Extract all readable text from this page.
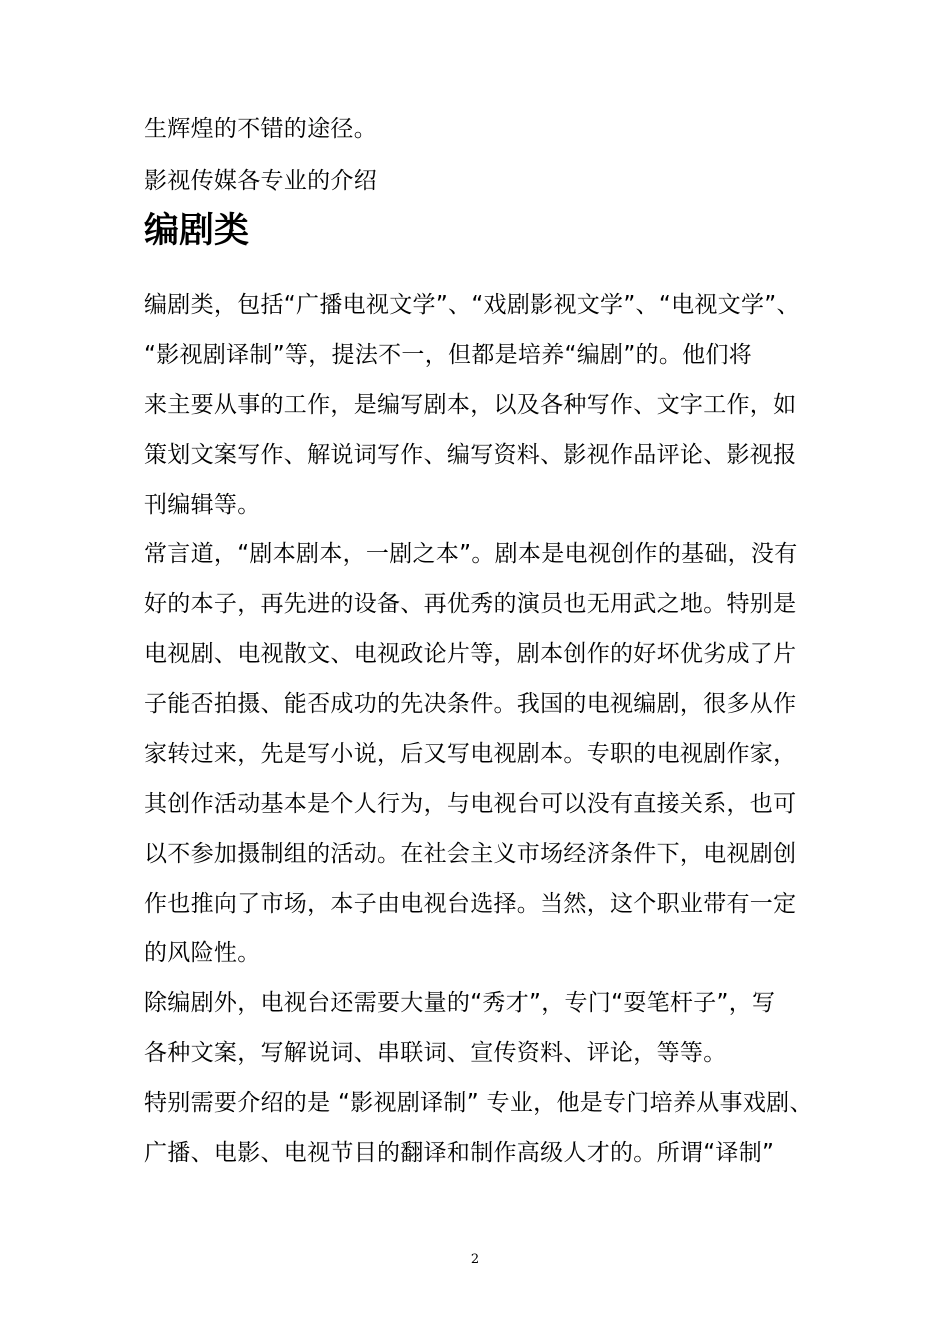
生辉煌的不错的途径。
影视传媒各专业的介绍
编剧类
编剧类，包括“广播电视文学”、“戏剧影视文学”、“电视文学”、
“影视剧译制”等，提法不一，但都是培养“编剧”的。他们将
来主要从事的工作，是编写剧本，以及各种写作、文字工作，如
策划文案写作、解说词写作、编写资料、影视作品评论、影视报
刊编辑等。
常言道，“剧本剧本，一剧之本”。剧本是电视创作的基础，没有
好的本子，再先进的设备、再优秀的演员也无用武之地。特别是
电视剧、电视散文、电视政论片等，剧本创作的好坏优劣成了片
子能否拍摄、能否成功的先决条件。我国的电视编剧，很多从作
家转过来，先是写小说，后又写电视剧本。专职的电视剧作家，
其创作活动基本是个人行为，与电视台可以没有直接关系，也可
以不参加摄制组的活动。在社会主义市场经济条件下，电视剧创
作也推向了市场，本子由电视台选择。当然，这个职业带有一定
的风险性。
除编剧外，电视台还需要大量的“秀才”，专门“耍笔杆子”，写
各种文案，写解说词、串联词、宣传资料、评论，等等。
特别需要介绍的是 “影视剧译制” 专业，他是专门培养从事戏剧、
广播、电影、电视节目的翻译和制作高级人才的。所谓“译制”
2
